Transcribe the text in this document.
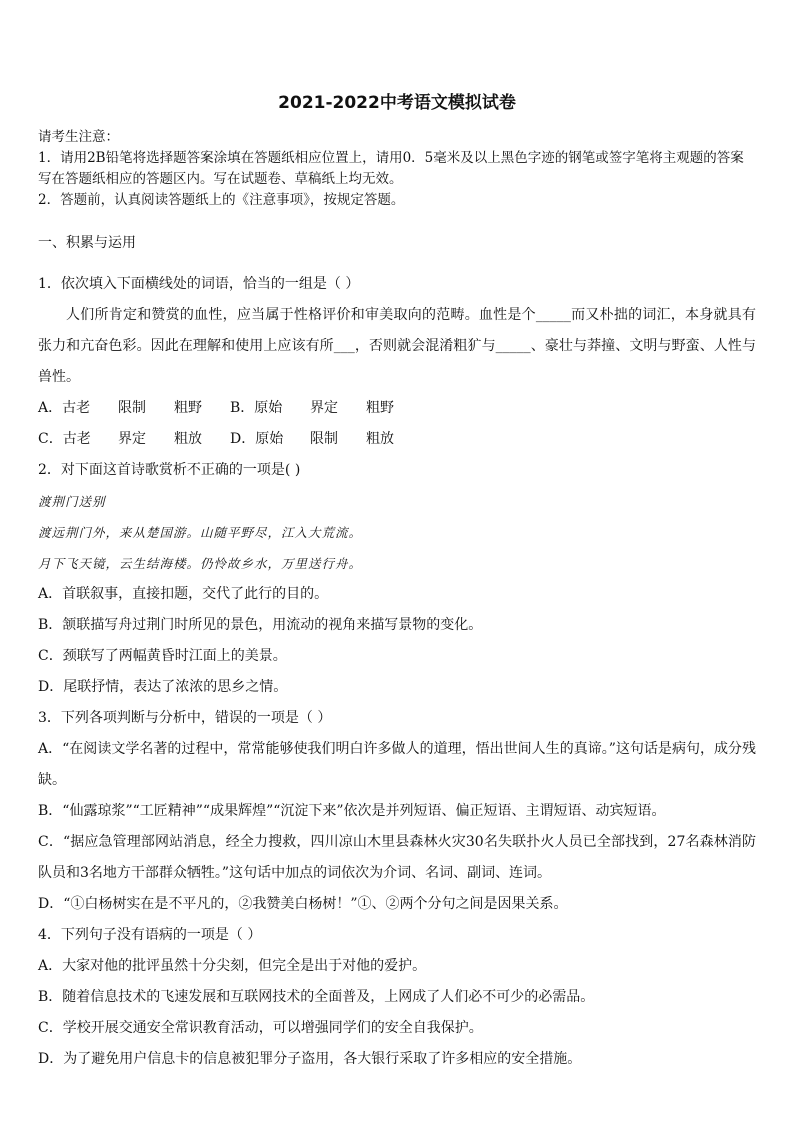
2021-2022中考语文模拟试卷

请考生注意：

1．请用2B铅笔将选择题答案涂填在答题纸相应位置上，请用0．5毫米及以上黑色字迹的钢笔或签字笔将主观题的答案写在答题纸相应的答题区内。写在试题卷、草稿纸上均无效。

2．答题前，认真阅读答题纸上的《注意事项》，按规定答题。

一、积累与运用

1．依次填入下面横线处的词语，恰当的一组是（ ）

人们所肯定和赞赏的血性，应当属于性格评价和审美取向的范畴。血性是个_____而又朴拙的词汇，本身就具有张力和亢奋色彩。因此在理解和使用上应该有所___，否则就会混淆粗犷与_____、豪壮与莽撞、文明与野蛮、人性与兽性。

A．古老	限制	粗野	B．原始	界定	粗野
C．古老	界定	粗放	D．原始	限制	粗放

2．对下面这首诗歌赏析不正确的一项是( )

渡荆门送别

渡远荆门外，来从楚国游。山随平野尽，江入大荒流。

月下飞天镜，云生结海楼。仍怜故乡水，万里送行舟。

A．首联叙事，直接扣题，交代了此行的目的。

B．颔联描写舟过荆门时所见的景色，用流动的视角来描写景物的变化。

C．颈联写了两幅黄昏时江面上的美景。

D．尾联抒情，表达了浓浓的思乡之情。

3．下列各项判断与分析中，错误的一项是（ ）

A．“在阅读文学名著的过程中，常常能够使我们明白许多做人的道理，悟出世间人生的真谛。”这句话是病句，成分残缺。

B．“仙露琼浆”“工匠精神”“成果辉煌”“沉淀下来”依次是并列短语、偏正短语、主谓短语、动宾短语。

C．“据应急管理部网站消息，经全力搜救，四川凉山木里县森林火灾30名失联扑火人员已全部找到，27名森林消防队员和3名地方干部群众牺牲。”这句话中加点的词依次为介词、名词、副词、连词。

D．“①白杨树实在是不平凡的，②我赞美白杨树！”①、②两个分句之间是因果关系。

4．下列句子没有语病的一项是（ ）

A．大家对他的批评虽然十分尖刻，但完全是出于对他的爱护。

B．随着信息技术的飞速发展和互联网技术的全面普及，上网成了人们必不可少的必需品。

C．学校开展交通安全常识教育活动，可以增强同学们的安全自我保护。

D．为了避免用户信息卡的信息被犯罪分子盗用，各大银行采取了许多相应的安全措施。
